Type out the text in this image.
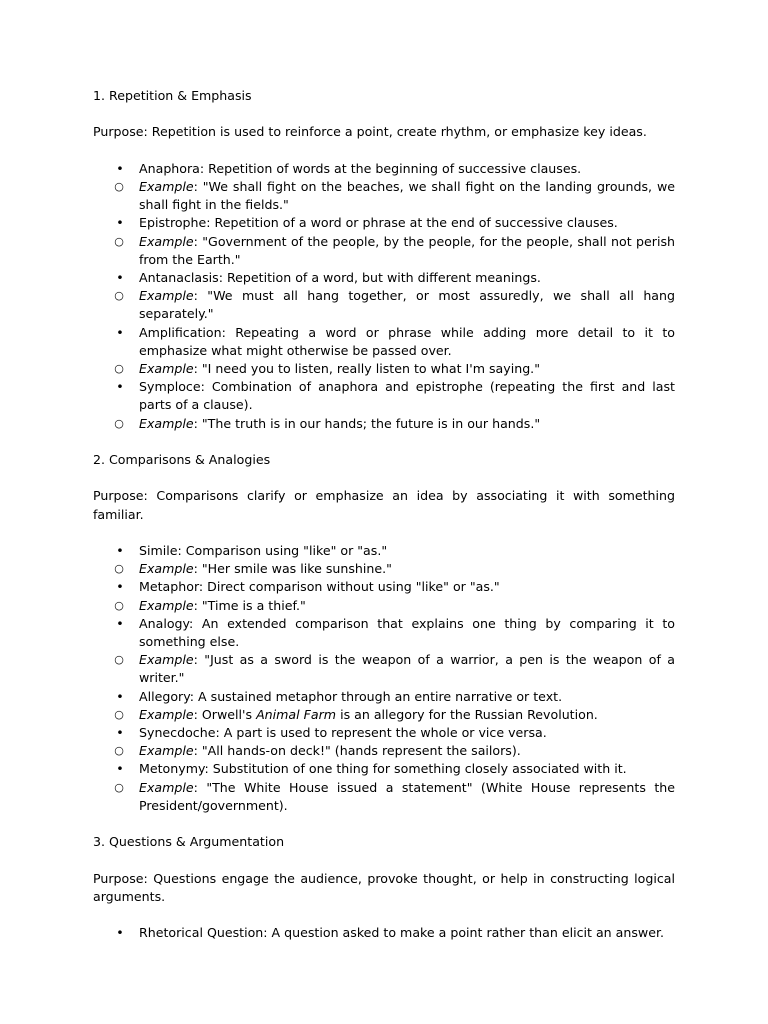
1. Repetition & Emphasis

Purpose: Repetition is used to reinforce a point, create rhythm, or emphasize key ideas.

• Anaphora: Repetition of words at the beginning of successive clauses.
○ Example: "We shall fight on the beaches, we shall fight on the landing grounds, we shall fight in the fields."
• Epistrophe: Repetition of a word or phrase at the end of successive clauses.
○ Example: "Government of the people, by the people, for the people, shall not perish from the Earth."
• Antanaclasis: Repetition of a word, but with different meanings.
○ Example: "We must all hang together, or most assuredly, we shall all hang separately."
• Amplification: Repeating a word or phrase while adding more detail to it to emphasize what might otherwise be passed over.
○ Example: "I need you to listen, really listen to what I'm saying."
• Symploce: Combination of anaphora and epistrophe (repeating the first and last parts of a clause).
○ Example: "The truth is in our hands; the future is in our hands."

2. Comparisons & Analogies

Purpose: Comparisons clarify or emphasize an idea by associating it with something familiar.

• Simile: Comparison using "like" or "as."
○ Example: "Her smile was like sunshine."
• Metaphor: Direct comparison without using "like" or "as."
○ Example: "Time is a thief."
• Analogy: An extended comparison that explains one thing by comparing it to something else.
○ Example: "Just as a sword is the weapon of a warrior, a pen is the weapon of a writer."
• Allegory: A sustained metaphor through an entire narrative or text.
○ Example: Orwell's Animal Farm is an allegory for the Russian Revolution.
• Synecdoche: A part is used to represent the whole or vice versa.
○ Example: "All hands-on deck!" (hands represent the sailors).
• Metonymy: Substitution of one thing for something closely associated with it.
○ Example: "The White House issued a statement" (White House represents the President/government).

3. Questions & Argumentation

Purpose: Questions engage the audience, provoke thought, or help in constructing logical arguments.

• Rhetorical Question: A question asked to make a point rather than elicit an answer.
